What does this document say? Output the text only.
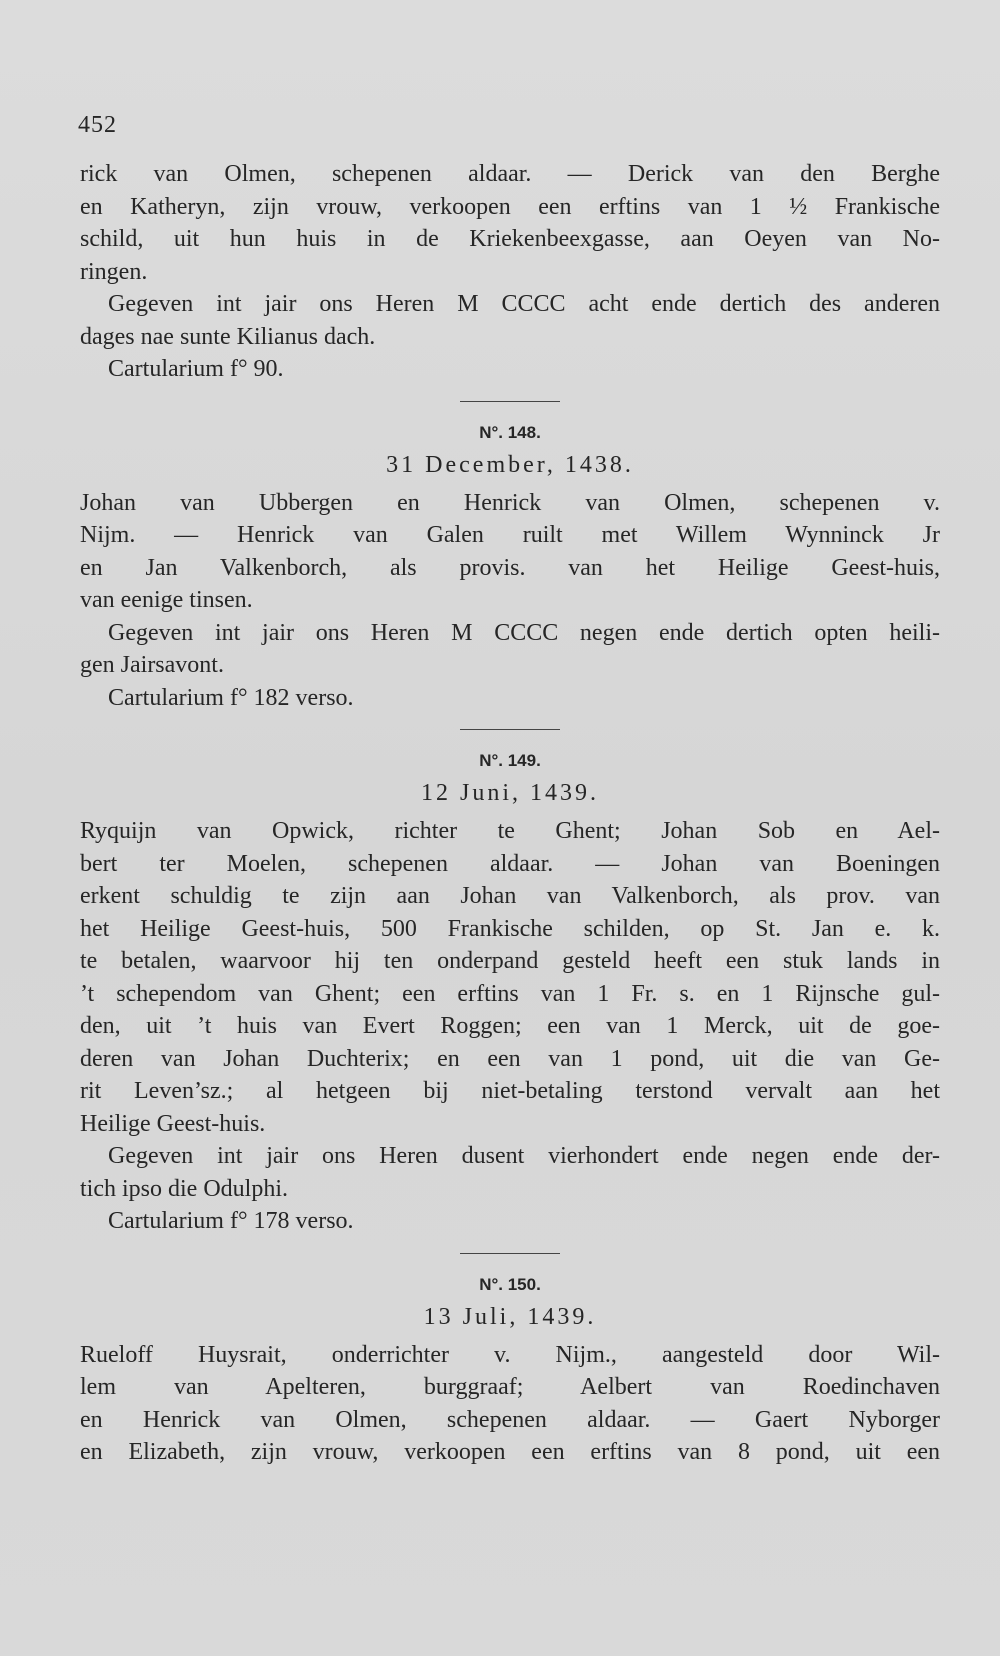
452
rick van Olmen, schepenen aldaar. — Derick van den Berghe
en Katheryn, zijn vrouw, verkoopen een erftins van 1 ½ Frankische
schild, uit hun huis in de Kriekenbeexgasse, aan Oeyen van No-
ringen.
Gegeven int jair ons Heren M CCCC acht ende dertich des anderen
dages nae sunte Kilianus dach.
Cartularium f° 90.
N°. 148.
31 December, 1438.
Johan van Ubbergen en Henrick van Olmen, schepenen v.
Nijm. — Henrick van Galen ruilt met Willem Wynninck Jr
en Jan Valkenborch, als provis. van het Heilige Geest-huis,
van eenige tinsen.
Gegeven int jair ons Heren M CCCC negen ende dertich opten heili-
gen Jairsavont.
Cartularium f° 182 verso.
N°. 149.
12 Juni, 1439.
Ryquijn van Opwick, richter te Ghent; Johan Sob en Ael-
bert ter Moelen, schepenen aldaar. — Johan van Boeningen
erkent schuldig te zijn aan Johan van Valkenborch, als prov. van
het Heilige Geest-huis, 500 Frankische schilden, op St. Jan e. k.
te betalen, waarvoor hij ten onderpand gesteld heeft een stuk lands in
’t schependom van Ghent; een erftins van 1 Fr. s. en 1 Rijnsche gul-
den, uit ’t huis van Evert Roggen; een van 1 Merck, uit de goe-
deren van Johan Duchterix; en een van 1 pond, uit die van Ge-
rit Leven’sz.; al hetgeen bij niet-betaling terstond vervalt aan het
Heilige Geest-huis.
Gegeven int jair ons Heren dusent vierhondert ende negen ende der-
tich ipso die Odulphi.
Cartularium f° 178 verso.
N°. 150.
13 Juli, 1439.
Rueloff Huysrait, onderrichter v. Nijm., aangesteld door Wil-
lem van Apelteren, burggraaf; Aelbert van Roedinchaven
en Henrick van Olmen, schepenen aldaar. — Gaert Nyborger
en Elizabeth, zijn vrouw, verkoopen een erftins van 8 pond, uit een
